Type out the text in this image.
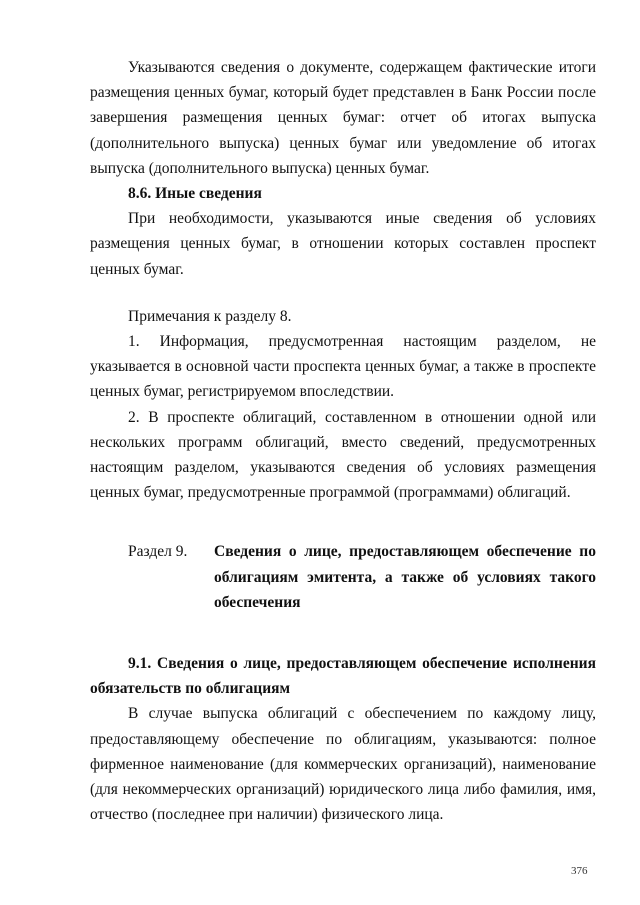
Указываются сведения о документе, содержащем фактические итоги размещения ценных бумаг, который будет представлен в Банк России после завершения размещения ценных бумаг: отчет об итогах выпуска (дополнительного выпуска) ценных бумаг или уведомление об итогах выпуска (дополнительного выпуска) ценных бумаг.

8.6. Иные сведения

При необходимости, указываются иные сведения об условиях размещения ценных бумаг, в отношении которых составлен проспект ценных бумаг.

Примечания к разделу 8.

1. Информация, предусмотренная настоящим разделом, не указывается в основной части проспекта ценных бумаг, а также в проспекте ценных бумаг, регистрируемом впоследствии.

2. В проспекте облигаций, составленном в отношении одной или нескольких программ облигаций, вместо сведений, предусмотренных настоящим разделом, указываются сведения об условиях размещения ценных бумаг, предусмотренные программой (программами) облигаций.

Раздел 9.	Сведения о лице, предоставляющем обеспечение по облигациям эмитента, а также об условиях такого обеспечения

9.1. Сведения о лице, предоставляющем обеспечение исполнения обязательств по облигациям

В случае выпуска облигаций с обеспечением по каждому лицу, предоставляющему обеспечение по облигациям, указываются: полное фирменное наименование (для коммерческих организаций), наименование (для некоммерческих организаций) юридического лица либо фамилия, имя, отчество (последнее при наличии) физического лица.

376
